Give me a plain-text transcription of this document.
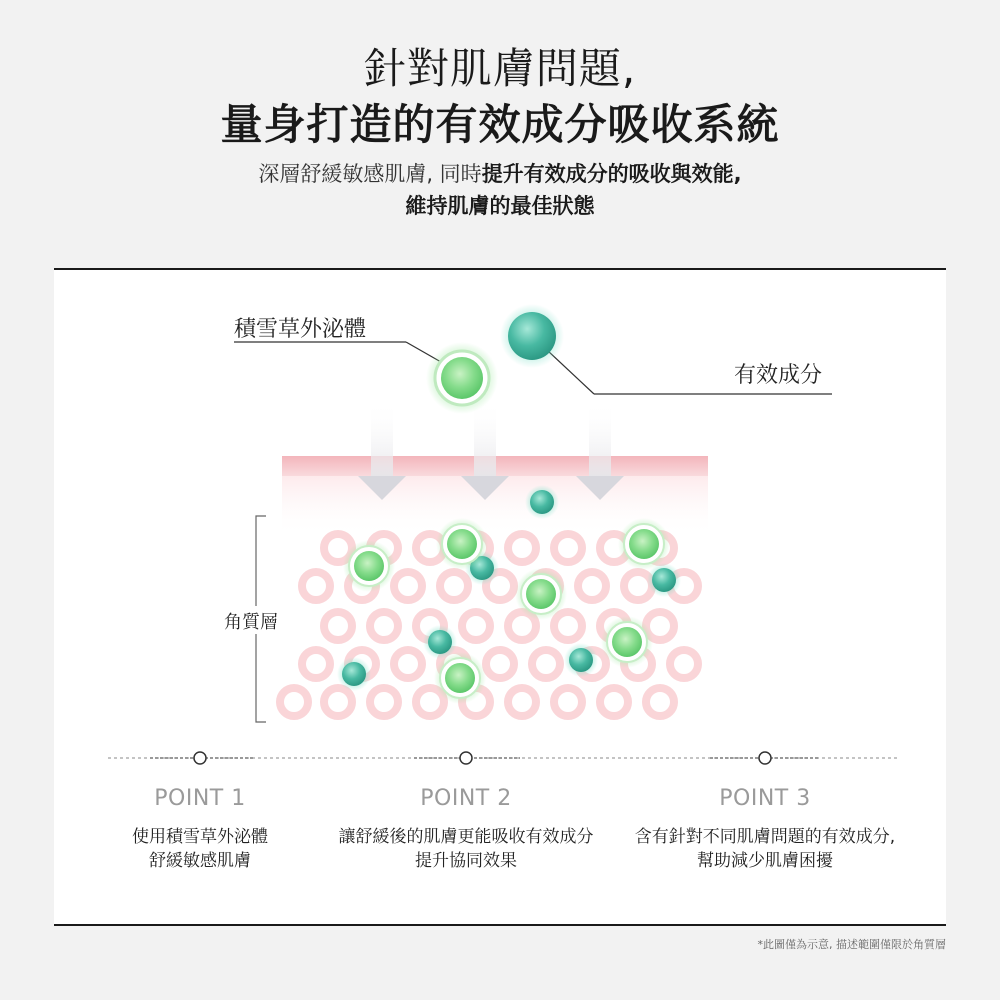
針對肌膚問題,
量身打造的有效成分吸收系統
深層舒緩敏感肌膚, 同時提升有效成分的吸收與效能,
維持肌膚的最佳狀態
積雪草外泌體
有效成分
角質層
POINT 1
使用積雪草外泌體
舒緩敏感肌膚
POINT 2
讓舒緩後的肌膚更能吸收有效成分
提升協同效果
POINT 3
含有針對不同肌膚問題的有效成分,
幫助減少肌膚困擾
*此圖僅為示意, 描述範圍僅限於角質層
